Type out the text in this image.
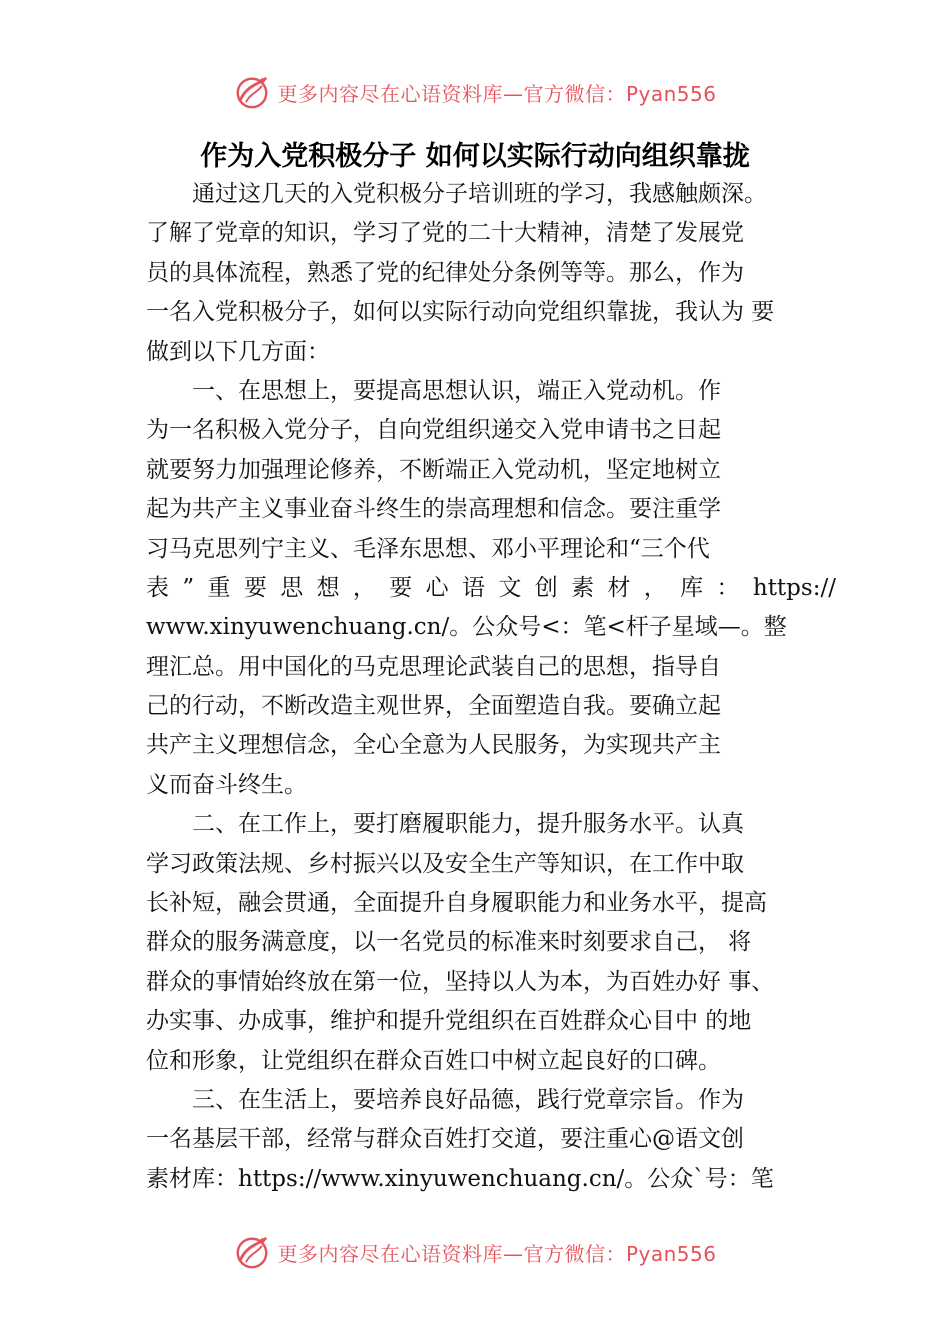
更多内容尽在心语资料库—官方微信：Pyan556
作为入党积极分子 如何以实际行动向组织靠拢
通过这几天的入党积极分子培训班的学习，我感触颇深。
了解了党章的知识，学习了党的二十大精神，清楚了发展党
员的具体流程，熟悉了党的纪律处分条例等等。那么，作为
一名入党积极分子，如何以实际行动向党组织靠拢，我认为 要
做到以下几方面：
一、在思想上，要提高思想认识，端正入党动机。作
为一名积极入党分子，自向党组织递交入党申请书之日起
就要努力加强理论修养，不断端正入党动机，坚定地树立
起为共产主义事业奋斗终生的崇高理想和信念。要注重学
习马克思列宁主义、毛泽东思想、邓小平理论和“三个代
表 ” 重 要 思 想 ， 要 心 语 文 创 素 材 ， 库 ： https://
www.xinyuwenchuang.cn/。公众号<：笔<杆子星域—。整
理汇总。用中国化的马克思理论武装自己的思想，指导自
己的行动，不断改造主观世界，全面塑造自我。要确立起
共产主义理想信念，全心全意为人民服务，为实现共产主
义而奋斗终生。
二、在工作上，要打磨履职能力，提升服务水平。认真
学习政策法规、乡村振兴以及安全生产等知识，在工作中取
长补短，融会贯通，全面提升自身履职能力和业务水平，提高
群众的服务满意度，以一名党员的标准来时刻要求自己， 将
群众的事情始终放在第一位，坚持以人为本，为百姓办好 事、
办实事、办成事，维护和提升党组织在百姓群众心目中 的地
位和形象，让党组织在群众百姓口中树立起良好的口碑。
三、在生活上，要培养良好品德，践行党章宗旨。作为
一名基层干部，经常与群众百姓打交道，要注重心@语文创
素材库：https://www.xinyuwenchuang.cn/。公众`号：笔
更多内容尽在心语资料库—官方微信：Pyan556
